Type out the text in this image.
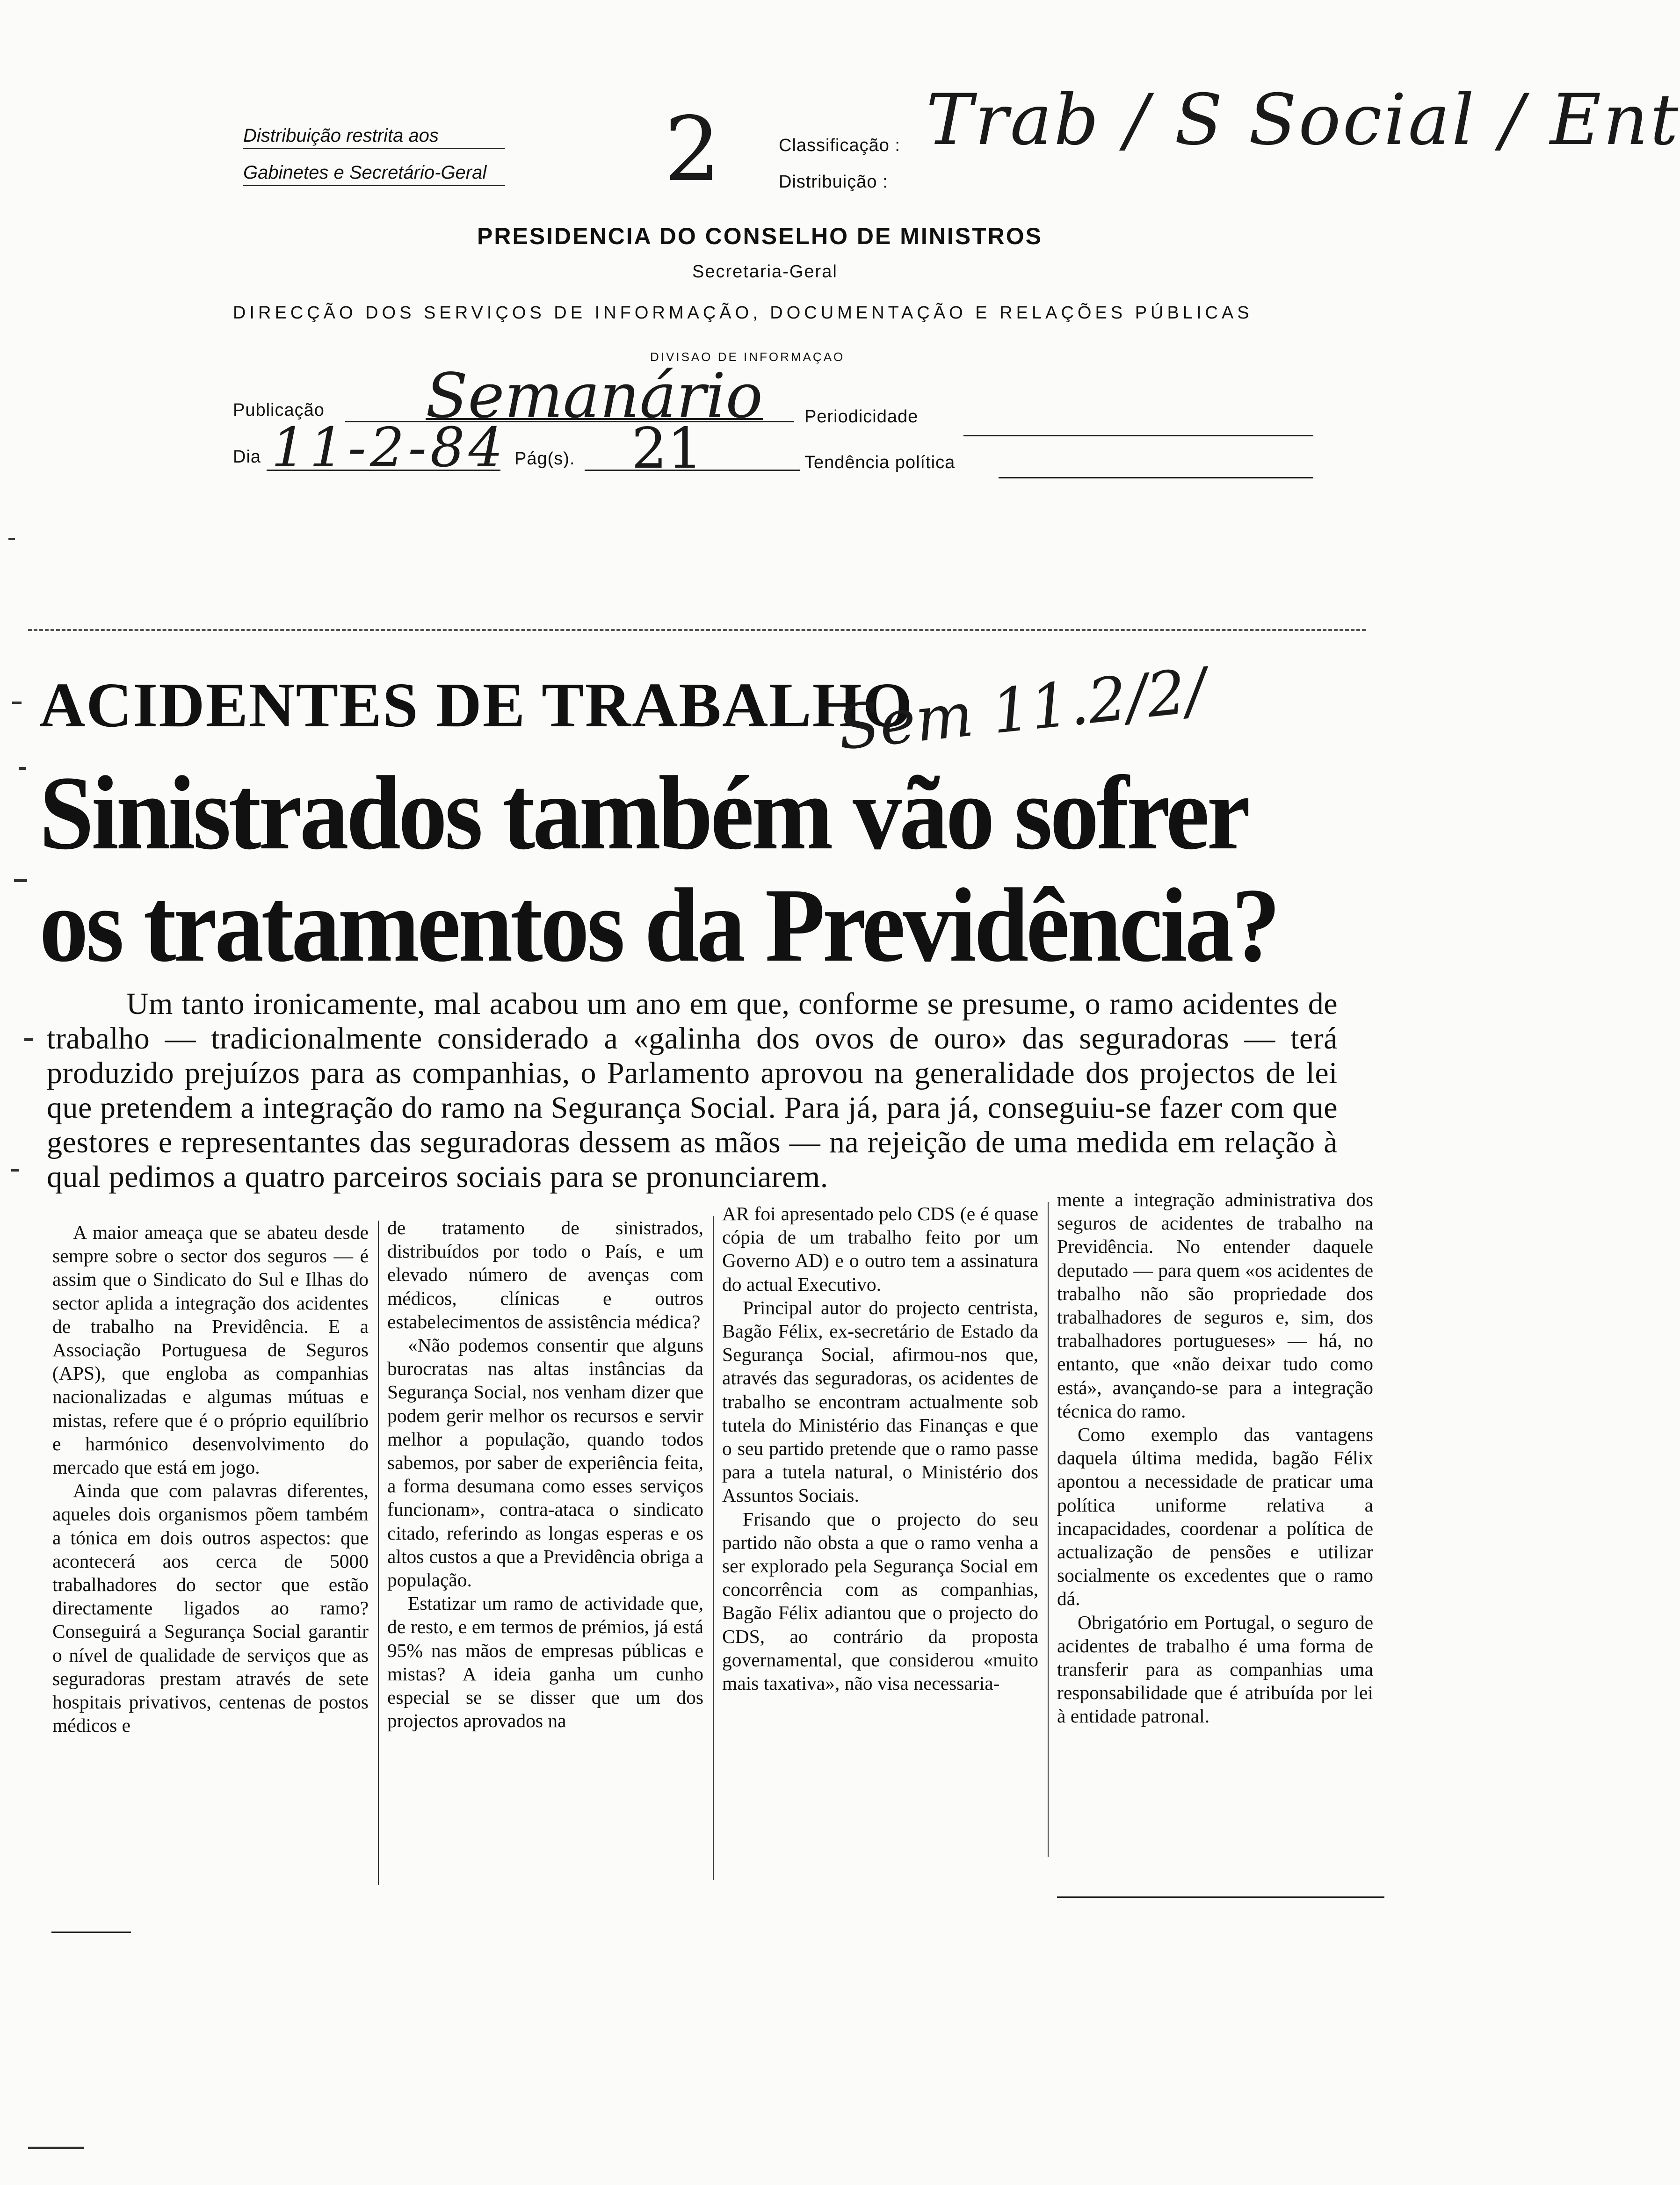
Distribuição restrita aos
Gabinetes e Secretário-Geral 2	Classificação :
Distribuição :
Trab / S Social / Ent
PRESIDENCIA DO CONSELHO DE MINISTROS
Secretaria-Geral
DIRECÇÃO DOS SERVIÇOS DE INFORMAÇÃO, DOCUMENTAÇÃO E RELAÇÕES PÚBLICAS
DIVISAO DE INFORMAÇAO
Publicação Semanário Periodicidade
Dia 11-2-84 Pág(s). 21	Tendência política
ACIDENTES DE TRABALHO
Sem 11.2/2/
Sinistrados também vão sofrer
os tratamentos da Previdência?

Um tanto ironicamente, mal acabou um ano em que, conforme se presume, o ramo acidentes de trabalho — tradicionalmente considerado a «galinha dos ovos de ouro» das seguradoras — terá produzido prejuízos para as companhias, o Parlamento aprovou na generalidade dos projectos de lei que pretendem a integração do ramo na Segurança Social. Para já, para já, conseguiu-se fazer com que gestores e representantes das seguradoras dessem as mãos — na rejeição de uma medida em relação à qual pedimos a quatro parceiros sociais para se pronunciarem.

A maior ameaça que se abateu desde sempre sobre o sector dos seguros — é assim que o Sindicato do Sul e Ilhas do sector aplida a integração dos acidentes de trabalho na Previdência. E a Associação Portuguesa de Seguros (APS), que engloba as companhias nacionalizadas e algumas mútuas e mistas, refere que é o próprio equilíbrio e harmónico desenvolvimento do mercado que está em jogo.

Ainda que com palavras diferentes, aqueles dois organismos põem também a tónica em dois outros aspectos: que acontecerá aos cerca de 5000 trabalhadores do sector que estão directamente ligados ao ramo? Conseguirá a Segurança Social garantir o nível de qualidade de serviços que as seguradoras prestam através de sete hospitais privativos, centenas de postos médicos e

de tratamento de sinistrados, distribuídos por todo o País, e um elevado número de avenças com médicos, clínicas e outros estabelecimentos de assistência médica?

«Não podemos consentir que alguns burocratas nas altas instâncias da Segurança Social, nos venham dizer que podem gerir melhor os recursos e servir melhor a população, quando todos sabemos, por saber de experiência feita, a forma desumana como esses serviços funcionam», contra-ataca o sindicato citado, referindo as longas esperas e os altos custos a que a Previdência obriga a população.

Estatizar um ramo de actividade que, de resto, e em termos de prémios, já está 95% nas mãos de empresas públicas e mistas? A ideia ganha um cunho especial se se disser que um dos projectos aprovados na

AR foi apresentado pelo CDS (e é quase cópia de um trabalho feito por um Governo AD) e o outro tem a assinatura do actual Executivo.

Principal autor do projecto centrista, Bagão Félix, ex-secretário de Estado da Segurança Social, afirmou-nos que, através das seguradoras, os acidentes de trabalho se encontram actualmente sob tutela do Ministério das Finanças e que o seu partido pretende que o ramo passe para a tutela natural, o Ministério dos Assuntos Sociais.

Frisando que o projecto do seu partido não obsta a que o ramo venha a ser explorado pela Segurança Social em concorrência com as companhias, Bagão Félix adiantou que o projecto do CDS, ao contrário da proposta governamental, que considerou «muito mais taxativa», não visa necessaria-

mente a integração administrativa dos seguros de acidentes de trabalho na Previdência. No entender daquele deputado — para quem «os acidentes de trabalho não são propriedade dos trabalhadores de seguros e, sim, dos trabalhadores portugueses» — há, no entanto, que «não deixar tudo como está», avançando-se para a integração técnica do ramo.

Como exemplo das vantagens daquela última medida, bagão Félix apontou a necessidade de praticar uma política uniforme relativa a incapacidades, coordenar a política de actualização de pensões e utilizar socialmente os excedentes que o ramo dá.

Obrigatório em Portugal, o seguro de acidentes de trabalho é uma forma de transferir para as companhias uma responsabilidade que é atribuída por lei à entidade patronal.
